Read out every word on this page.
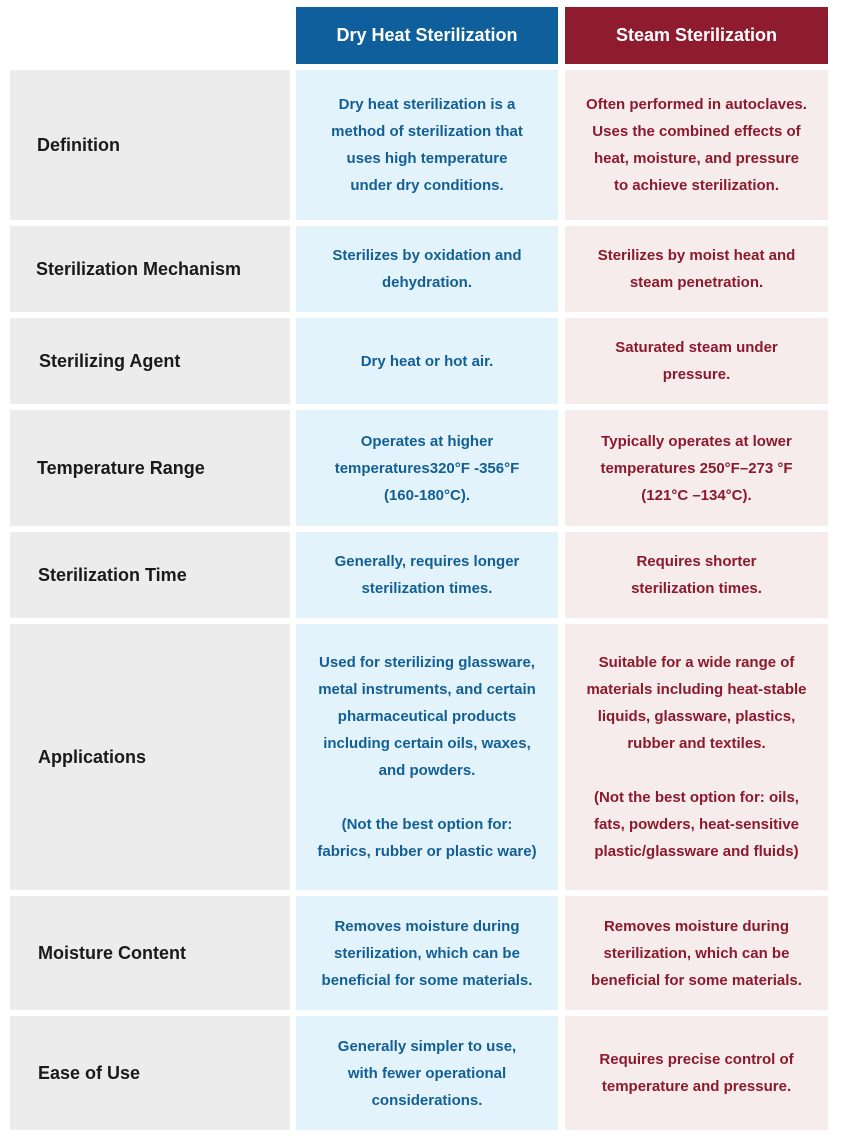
Dry Heat Sterilization	Steam Sterilization
Definition
Dry heat sterilization is a
method of sterilization that
uses high temperature
under dry conditions.
Often performed in autoclaves.
Uses the combined effects of
heat, moisture, and pressure
to achieve sterilization.
Sterilization Mechanism
Sterilizes by oxidation and
dehydration.
Sterilizes by moist heat and
steam penetration.
Sterilizing Agent	Dry heat or hot air.
Saturated steam under
pressure.
Temperature Range
Operates at higher
temperatures320°F -356°F
(160-180°C).
Typically operates at lower
temperatures 250°F–273 °F
(121°C –134°C).
Sterilization Time
Generally, requires longer
sterilization times.
Requires shorter
sterilization times.
Applications
Used for sterilizing glassware,
metal instruments, and certain
pharmaceutical products
including certain oils, waxes,
and powders.

(Not the best option for:
fabrics, rubber or plastic ware)
Suitable for a wide range of
materials including heat-stable
liquids, glassware, plastics,
rubber and textiles.

(Not the best option for: oils,
fats, powders, heat-sensitive
plastic/glassware and fluids)
Moisture Content
Removes moisture during
sterilization, which can be
beneficial for some materials.
Removes moisture during
sterilization, which can be
beneficial for some materials.
Ease of Use
Generally simpler to use,
with fewer operational
considerations.
Requires precise control of
temperature and pressure.
